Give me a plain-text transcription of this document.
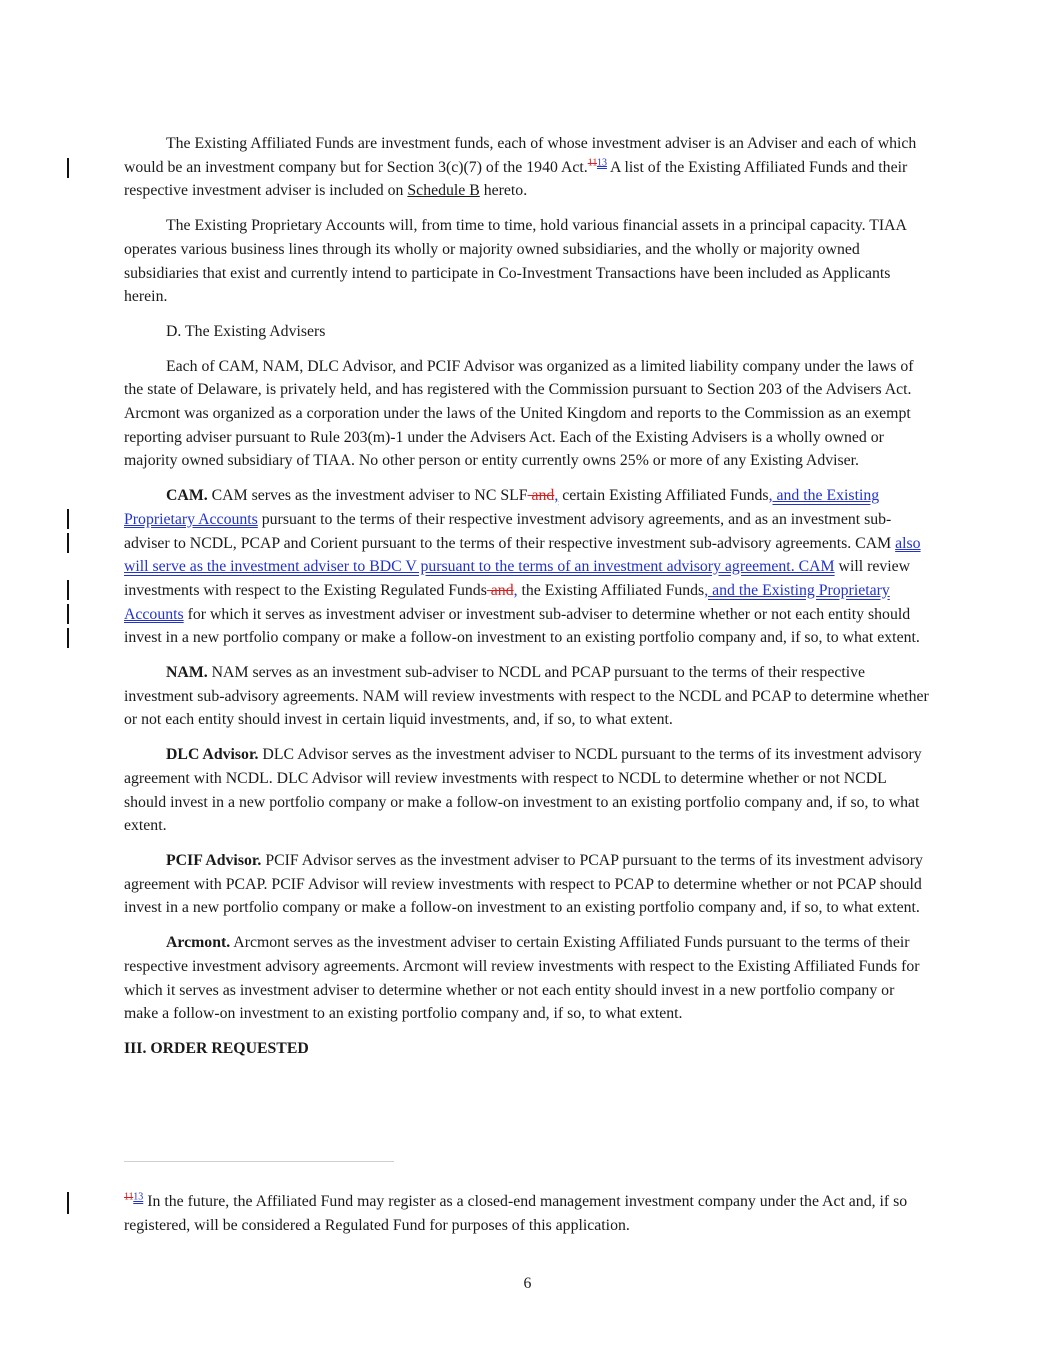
The Existing Affiliated Funds are investment funds, each of whose investment adviser is an Adviser and each of which would be an investment company but for Section 3(c)(7) of the 1940 Act.$^{1113}$ A list of the Existing Affiliated Funds and their respective investment adviser is included on Schedule B hereto.

The Existing Proprietary Accounts will, from time to time, hold various financial assets in a principal capacity. TIAA operates various business lines through its wholly or majority owned subsidiaries, and the wholly or majority owned subsidiaries that exist and currently intend to participate in Co-Investment Transactions have been included as Applicants herein.

D. The Existing Advisers

Each of CAM, NAM, DLC Advisor, and PCIF Advisor was organized as a limited liability company under the laws of the state of Delaware, is privately held, and has registered with the Commission pursuant to Section 203 of the Advisers Act. Arcmont was organized as a corporation under the laws of the United Kingdom and reports to the Commission as an exempt reporting adviser pursuant to Rule 203(m)-1 under the Advisers Act. Each of the Existing Advisers is a wholly owned or majority owned subsidiary of TIAA. No other person or entity currently owns 25% or more of any Existing Adviser.

CAM. CAM serves as the investment adviser to NC SLF and, certain Existing Affiliated Funds, and the Existing Proprietary Accounts pursuant to the terms of their respective investment advisory agreements, and as an investment sub-adviser to NCDL, PCAP and Corient pursuant to the terms of their respective investment sub-advisory agreements. CAM also will serve as the investment adviser to BDC V pursuant to the terms of an investment advisory agreement. CAM will review investments with respect to the Existing Regulated Funds and, the Existing Affiliated Funds, and the Existing Proprietary Accounts for which it serves as investment adviser or investment sub-adviser to determine whether or not each entity should invest in a new portfolio company or make a follow-on investment to an existing portfolio company and, if so, to what extent.

NAM. NAM serves as an investment sub-adviser to NCDL and PCAP pursuant to the terms of their respective investment sub-advisory agreements. NAM will review investments with respect to the NCDL and PCAP to determine whether or not each entity should invest in certain liquid investments, and, if so, to what extent.

DLC Advisor. DLC Advisor serves as the investment adviser to NCDL pursuant to the terms of its investment advisory agreement with NCDL. DLC Advisor will review investments with respect to NCDL to determine whether or not NCDL should invest in a new portfolio company or make a follow-on investment to an existing portfolio company and, if so, to what extent.

PCIF Advisor. PCIF Advisor serves as the investment adviser to PCAP pursuant to the terms of its investment advisory agreement with PCAP. PCIF Advisor will review investments with respect to PCAP to determine whether or not PCAP should invest in a new portfolio company or make a follow-on investment to an existing portfolio company and, if so, to what extent.

Arcmont. Arcmont serves as the investment adviser to certain Existing Affiliated Funds pursuant to the terms of their respective investment advisory agreements. Arcmont will review investments with respect to the Existing Affiliated Funds for which it serves as investment adviser to determine whether or not each entity should invest in a new portfolio company or make a follow-on investment to an existing portfolio company and, if so, to what extent.

III. ORDER REQUESTED

$^{1113}$ In the future, the Affiliated Fund may register as a closed-end management investment company under the Act and, if so registered, will be considered a Regulated Fund for purposes of this application.

6
